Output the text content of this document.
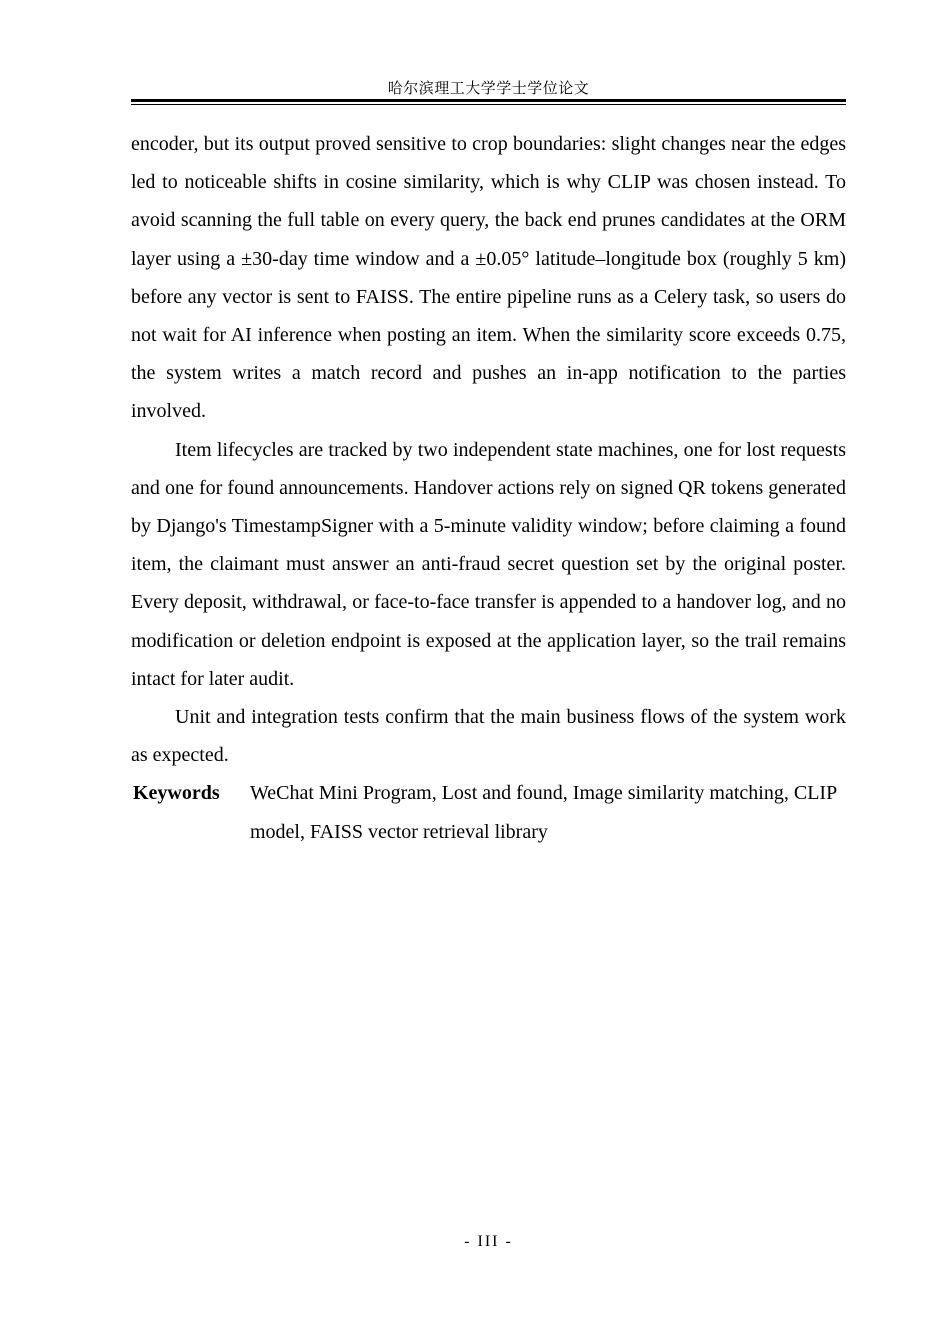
哈尔滨理工大学学士学位论文

encoder, but its output proved sensitive to crop boundaries: slight changes near the edges led to noticeable shifts in cosine similarity, which is why CLIP was chosen instead. To avoid scanning the full table on every query, the back end prunes candidates at the ORM layer using a ±30-day time window and a ±0.05° latitude–longitude box (roughly 5 km) before any vector is sent to FAISS. The entire pipeline runs as a Celery task, so users do not wait for AI inference when posting an item. When the similarity score exceeds 0.75, the system writes a match record and pushes an in-app notification to the parties involved.

Item lifecycles are tracked by two independent state machines, one for lost requests and one for found announcements. Handover actions rely on signed QR tokens generated by Django's TimestampSigner with a 5-minute validity window; before claiming a found item, the claimant must answer an anti-fraud secret question set by the original poster. Every deposit, withdrawal, or face-to-face transfer is appended to a handover log, and no modification or deletion endpoint is exposed at the application layer, so the trail remains intact for later audit.

Unit and integration tests confirm that the main business flows of the system work as expected.

Keywords	WeChat Mini Program, Lost and found, Image similarity matching, CLIP model, FAISS vector retrieval library
- III -
